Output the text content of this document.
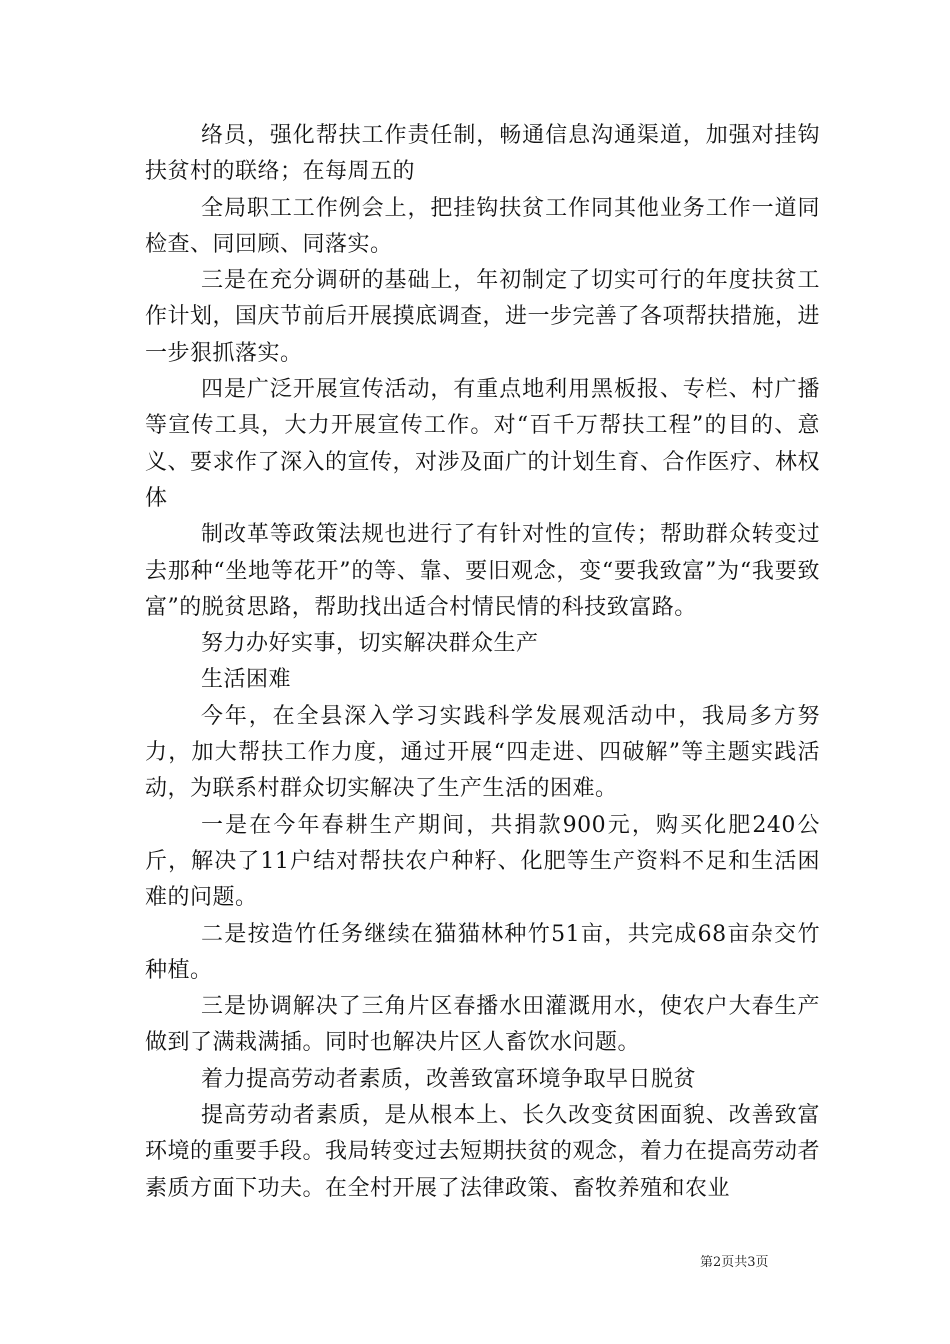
络员，强化帮扶工作责任制，畅通信息沟通渠道，加强对挂钩扶贫村的联络；在每周五的

全局职工工作例会上，把挂钩扶贫工作同其他业务工作一道同检查、同回顾、同落实。

三是在充分调研的基础上，年初制定了切实可行的年度扶贫工作计划，国庆节前后开展摸底调查，进一步完善了各项帮扶措施，进一步狠抓落实。

四是广泛开展宣传活动，有重点地利用黑板报、专栏、村广播等宣传工具，大力开展宣传工作。对“百千万帮扶工程”的目的、意义、要求作了深入的宣传，对涉及面广的计划生育、合作医疗、林权体

制改革等政策法规也进行了有针对性的宣传；帮助群众转变过去那种“坐地等花开”的等、靠、要旧观念，变“要我致富”为“我要致富”的脱贫思路，帮助找出适合村情民情的科技致富路。

努力办好实事，切实解决群众生产

生活困难

今年，在全县深入学习实践科学发展观活动中，我局多方努力，加大帮扶工作力度，通过开展“四走进、四破解”等主题实践活动，为联系村群众切实解决了生产生活的困难。

一是在今年春耕生产期间，共捐款900元，购买化肥240公斤，解决了11户结对帮扶农户种籽、化肥等生产资料不足和生活困难的问题。

二是按造竹任务继续在猫猫林种竹51亩，共完成68亩杂交竹种植。

三是协调解决了三角片区春播水田灌溉用水，使农户大春生产做到了满栽满插。同时也解决片区人畜饮水问题。

着力提高劳动者素质，改善致富环境争取早日脱贫

提高劳动者素质，是从根本上、长久改变贫困面貌、改善致富环境的重要手段。我局转变过去短期扶贫的观念，着力在提高劳动者素质方面下功夫。在全村开展了法律政策、畜牧养殖和农业

第2页共3页
